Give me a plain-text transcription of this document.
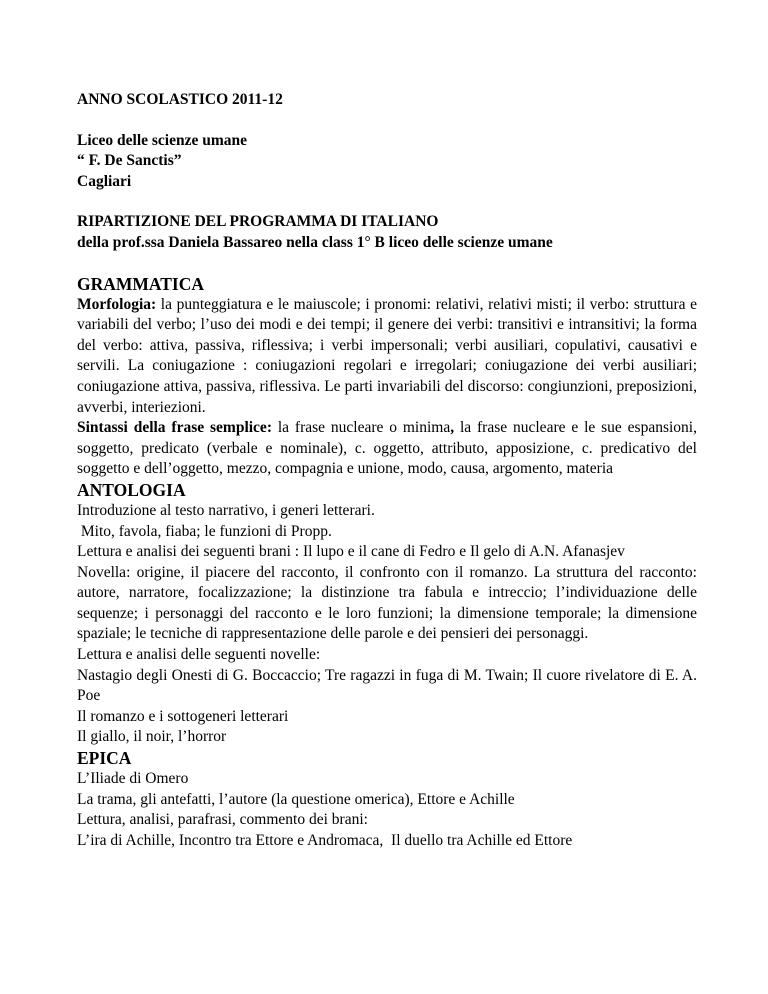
ANNO SCOLASTICO 2011-12

Liceo delle scienze umane

“ F. De Sanctis”

Cagliari

RIPARTIZIONE DEL PROGRAMMA DI ITALIANO

della prof.ssa Daniela Bassareo nella class 1° B liceo delle scienze umane

GRAMMATICA

Morfologia: la punteggiatura e le maiuscole; i pronomi: relativi, relativi misti; il verbo: struttura e variabili del verbo; l’uso dei modi e dei tempi; il genere dei verbi: transitivi e intransitivi; la forma del verbo: attiva, passiva, riflessiva; i verbi impersonali; verbi ausiliari, copulativi, causativi e servili. La coniugazione : coniugazioni regolari e irregolari; coniugazione dei verbi ausiliari; coniugazione attiva, passiva, riflessiva. Le parti invariabili del discorso: congiunzioni, preposizioni, avverbi, interiezioni.

Sintassi della frase semplice: la frase nucleare o minima, la frase nucleare e le sue espansioni, soggetto, predicato (verbale e nominale), c. oggetto, attributo, apposizione, c. predicativo del soggetto e dell’oggetto, mezzo, compagnia e unione, modo, causa, argomento, materia

ANTOLOGIA

Introduzione al testo narrativo, i generi letterari.

Mito, favola, fiaba; le funzioni di Propp.

Lettura e analisi dei seguenti brani : Il lupo e il cane di Fedro e Il gelo di A.N. Afanasjev

Novella: origine, il piacere del racconto, il confronto con il romanzo. La struttura del racconto: autore, narratore, focalizzazione; la distinzione tra fabula e intreccio; l’individuazione delle sequenze; i personaggi del racconto e le loro funzioni; la dimensione temporale; la dimensione spaziale; le tecniche di rappresentazione delle parole e dei pensieri dei personaggi.

Lettura e analisi delle seguenti novelle:

Nastagio degli Onesti di G. Boccaccio; Tre ragazzi in fuga di M. Twain; Il cuore rivelatore di E. A. Poe

Il romanzo e i sottogeneri letterari

Il giallo, il noir, l’horror

EPICA

L’Iliade di Omero

La trama, gli antefatti, l’autore (la questione omerica), Ettore e Achille

Lettura, analisi, parafrasi, commento dei brani:

L’ira di Achille, Incontro tra Ettore e Andromaca,  Il duello tra Achille ed Ettore
